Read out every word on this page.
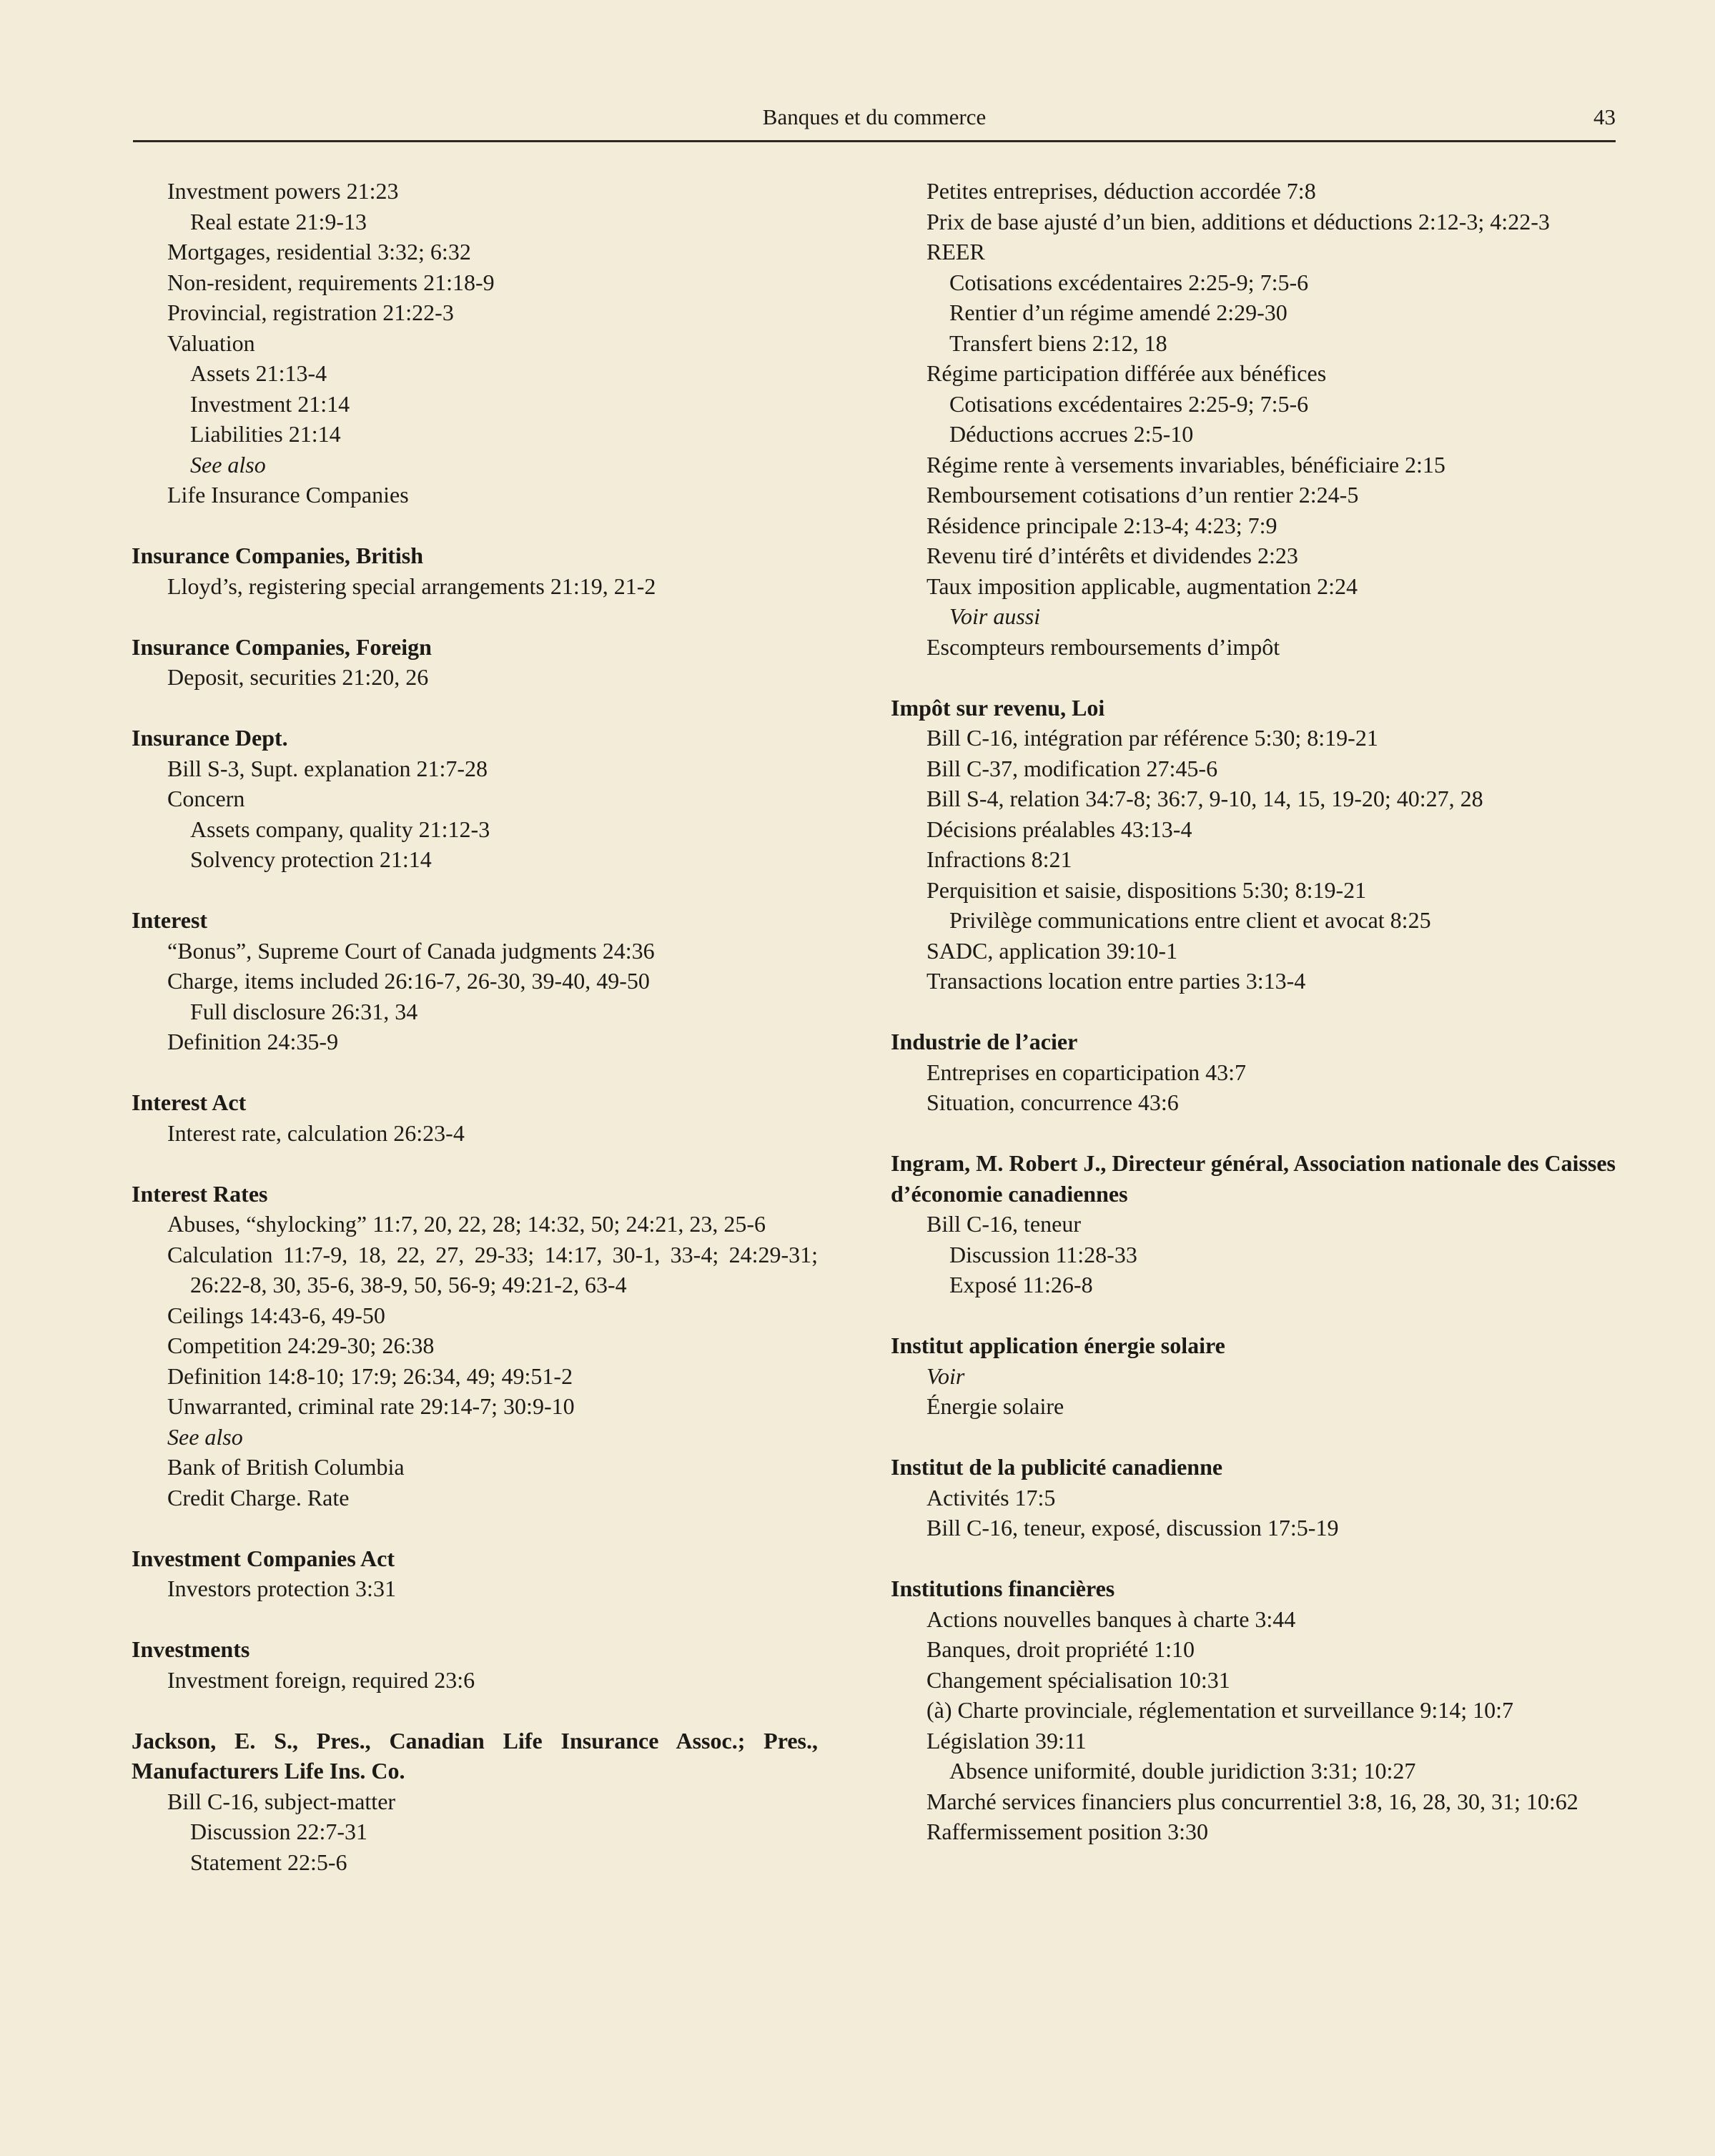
Banques et du commerce	43
Investment powers 21:23
Real estate 21:9-13
Mortgages, residential 3:32; 6:32
Non-resident, requirements 21:18-9
Provincial, registration 21:22-3
Valuation
Assets 21:13-4
Investment 21:14
Liabilities 21:14
See also
Life Insurance Companies
Insurance Companies, British
Lloyd’s, registering special arrangements 21:19, 21-2
Insurance Companies, Foreign
Deposit, securities 21:20, 26
Insurance Dept.
Bill S-3, Supt. explanation 21:7-28
Concern
Assets company, quality 21:12-3
Solvency protection 21:14
Interest
“Bonus”, Supreme Court of Canada judgments 24:36
Charge, items included 26:16-7, 26-30, 39-40, 49-50
Full disclosure 26:31, 34
Definition 24:35-9
Interest Act
Interest rate, calculation 26:23-4
Interest Rates
Abuses, “shylocking” 11:7, 20, 22, 28; 14:32, 50; 24:21, 23, 25-6
Calculation 11:7-9, 18, 22, 27, 29-33; 14:17, 30-1, 33-4; 24:29-31; 26:22-8, 30, 35-6, 38-9, 50, 56-9; 49:21-2, 63-4
Ceilings 14:43-6, 49-50
Competition 24:29-30; 26:38
Definition 14:8-10; 17:9; 26:34, 49; 49:51-2
Unwarranted, criminal rate 29:14-7; 30:9-10
See also
Bank of British Columbia
Credit Charge. Rate
Investment Companies Act
Investors protection 3:31
Investments
Investment foreign, required 23:6
Jackson, E. S., Pres., Canadian Life Insurance Assoc.; Pres., Manufacturers Life Ins. Co.
Bill C-16, subject-matter
Discussion 22:7-31
Statement 22:5-6
Petites entreprises, déduction accordée 7:8
Prix de base ajusté d’un bien, additions et déductions 2:12-3; 4:22-3
REER
Cotisations excédentaires 2:25-9; 7:5-6
Rentier d’un régime amendé 2:29-30
Transfert biens 2:12, 18
Régime participation différée aux bénéfices
Cotisations excédentaires 2:25-9; 7:5-6
Déductions accrues 2:5-10
Régime rente à versements invariables, bénéficiaire 2:15
Remboursement cotisations d’un rentier 2:24-5
Résidence principale 2:13-4; 4:23; 7:9
Revenu tiré d’intérêts et dividendes 2:23
Taux imposition applicable, augmentation 2:24
Voir aussi
Escompteurs remboursements d’impôt
Impôt sur revenu, Loi
Bill C-16, intégration par référence 5:30; 8:19-21
Bill C-37, modification 27:45-6
Bill S-4, relation 34:7-8; 36:7, 9-10, 14, 15, 19-20; 40:27, 28
Décisions préalables 43:13-4
Infractions 8:21
Perquisition et saisie, dispositions 5:30; 8:19-21
Privilège communications entre client et avocat 8:25
SADC, application 39:10-1
Transactions location entre parties 3:13-4
Industrie de l’acier
Entreprises en coparticipation 43:7
Situation, concurrence 43:6
Ingram, M. Robert J., Directeur général, Association nationale des Caisses d’économie canadiennes
Bill C-16, teneur
Discussion 11:28-33
Exposé 11:26-8
Institut application énergie solaire
Voir
Énergie solaire
Institut de la publicité canadienne
Activités 17:5
Bill C-16, teneur, exposé, discussion 17:5-19
Institutions financières
Actions nouvelles banques à charte 3:44
Banques, droit propriété 1:10
Changement spécialisation 10:31
(à) Charte provinciale, réglementation et surveillance 9:14; 10:7
Législation 39:11
Absence uniformité, double juridiction 3:31; 10:27
Marché services financiers plus concurrentiel 3:8, 16, 28, 30, 31; 10:62
Raffermissement position 3:30
